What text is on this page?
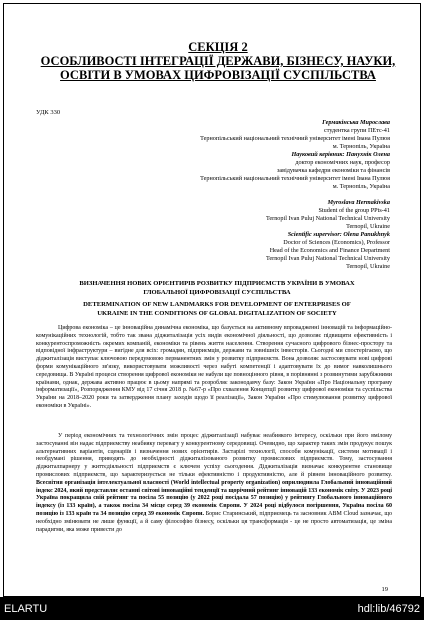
СЕКЦІЯ 2
ОСОБЛИВОСТІ ІНТЕГРАЦІЇ ДЕРЖАВИ, БІЗНЕСУ, НАУКИ,
ОСВІТИ В УМОВАХ ЦИФРОВІЗАЦІЇ СУСПІЛЬСТВА
УДК 330
Гермакінська Мирослава
студентка групи ПЕтс-41
Тернопільський національний технічний університет імені Івана Пулюя
м. Тернопіль, Україна
Науковий керівник: Панухнік Олена
доктор економічних наук, професор
завідувачка кафедри економіки та фінансів
Тернопільський національний технічний університет імені Івана Пулюя
м. Тернопіль, Україна
Myroslava Hermakivska
Student of the group PPts-41
Ternopil Ivan Puluj National Technical University
Ternopil, Ukraine
Scientific supervisor: Olena Panukhnyk
Doctor of Sciences (Economics), Professor
Head of the Economics and Finance Department
Ternopil Ivan Puluj National Technical University
Ternopil, Ukraine
ВИЗНАЧЕННЯ НОВИХ ОРІЄНТИРІВ РОЗВИТКУ ПІДПРИЄМСТВ УКРАЇНИ В УМОВАХ
ГЛОБАЛЬНОЇ ЦИФРОВІЗАЦІЇ СУСПІЛЬСТВА
DETERMINATION OF NEW LANDMARKS FOR DEVELOPMENT OF ENTERPRISES OF
UKRAINE IN THE CONDITIONS OF GLOBAL DIGITALIZATION OF SOCIETY
Цифрова економіка – це інноваційна динамічна економіка, що базується на активному впровадженні інновацій та інформаційно-комунікаційних технологій, тобто так звана діджиталізація усіх видів економічної діяльності, що дозволяє підвищити ефективність і конкурентоспроможність окремих компаній, економіки та рівень життя населення. Створення сучасного цифрового бізнес-простору та відповідної інфраструктури – вигідне для всіх: громадян, підприємців, держави та зовнішніх інвесторів. Сьогодні ми спостерігаємо, що діджиталізація виступає ключовою передумовою перманентних змін у розвитку підприємств. Вона дозволяє застосовувати нові цифрові форми комунікаційного зв'язку, використовувати можливості через набуті компетенції і адаптовувати їх до вимог навколишнього середовища. В Україні процеси створення цифрової економіки не набули ще повноцінного рівня, в порівнянні з розвинутими зарубіжними країнами, однак, держава активно працює в цьому напрямі та розробляє законодавчу базу: Закон України «Про Національну програму інформатизації», Розпорядження КМУ від 17 січня 2018 р. №67-р «Про схвалення Концепції розвитку цифрової економіки та суспільства України на 2018–2020 роки та затвердження плану заходів щодо її реалізації», Закон України «Про стимулювання розвитку цифрової економіки в Україні».
У період економічних та технологічних змін процес діджиталізації набуває неабиякого інтересу, оскільки при його вмілому застосуванні він надає підприємству неабияку перевагу у конкурентному середовищі. Очевидно, що характер таких змін продукує пошук альтернативних варіантів, сценаріїв і визначення нових орієнтирів. Застарілі технології, способи комунікації, системи мотивації і необдумані рішення, приводять до необхідності діджиталізованого розвитку промислових підприємств. Тому, застосування діджиталпарнеру у життєдіяльності підприємств є ключем успіху сьогодення. Діджиталізація визначає конкурентне становище промислових підприємств, що характеризується не тільки ефективністю і продуктивністю, але й рівнем інноваційного розвитку. Всесвітня організація інтелектуальної власності (World intellectual property organization) оприлюднила Глобальний інноваційний індекс 2024, який представляє останні світові інноваційні тенденції та щорічний рейтинг інновацій 133 економік світу. У 2023 році Україна покращила свій рейтинг та посіла 55 позицію (у 2022 році посідала 57 позицію) у рейтингу Глобального інноваційного індексу (із 133 країн), а також посіла 34 місце серед 39 економік Європи. У 2024 році відбулося погіршення, Україна посіла 60 позицію із 133 країн та 34 позицію серед 39 економік Європи. Борис Старинський, підприємець та засновник ABM Cloud зазначає, що необхідно змінювати не лише функції, а й саму філософію бізнесу, оскільки ця трансформація - це не просто автоматизація, це зміна парадигми, яка може привести до
19
ELARTU	hdl:lib/46792
